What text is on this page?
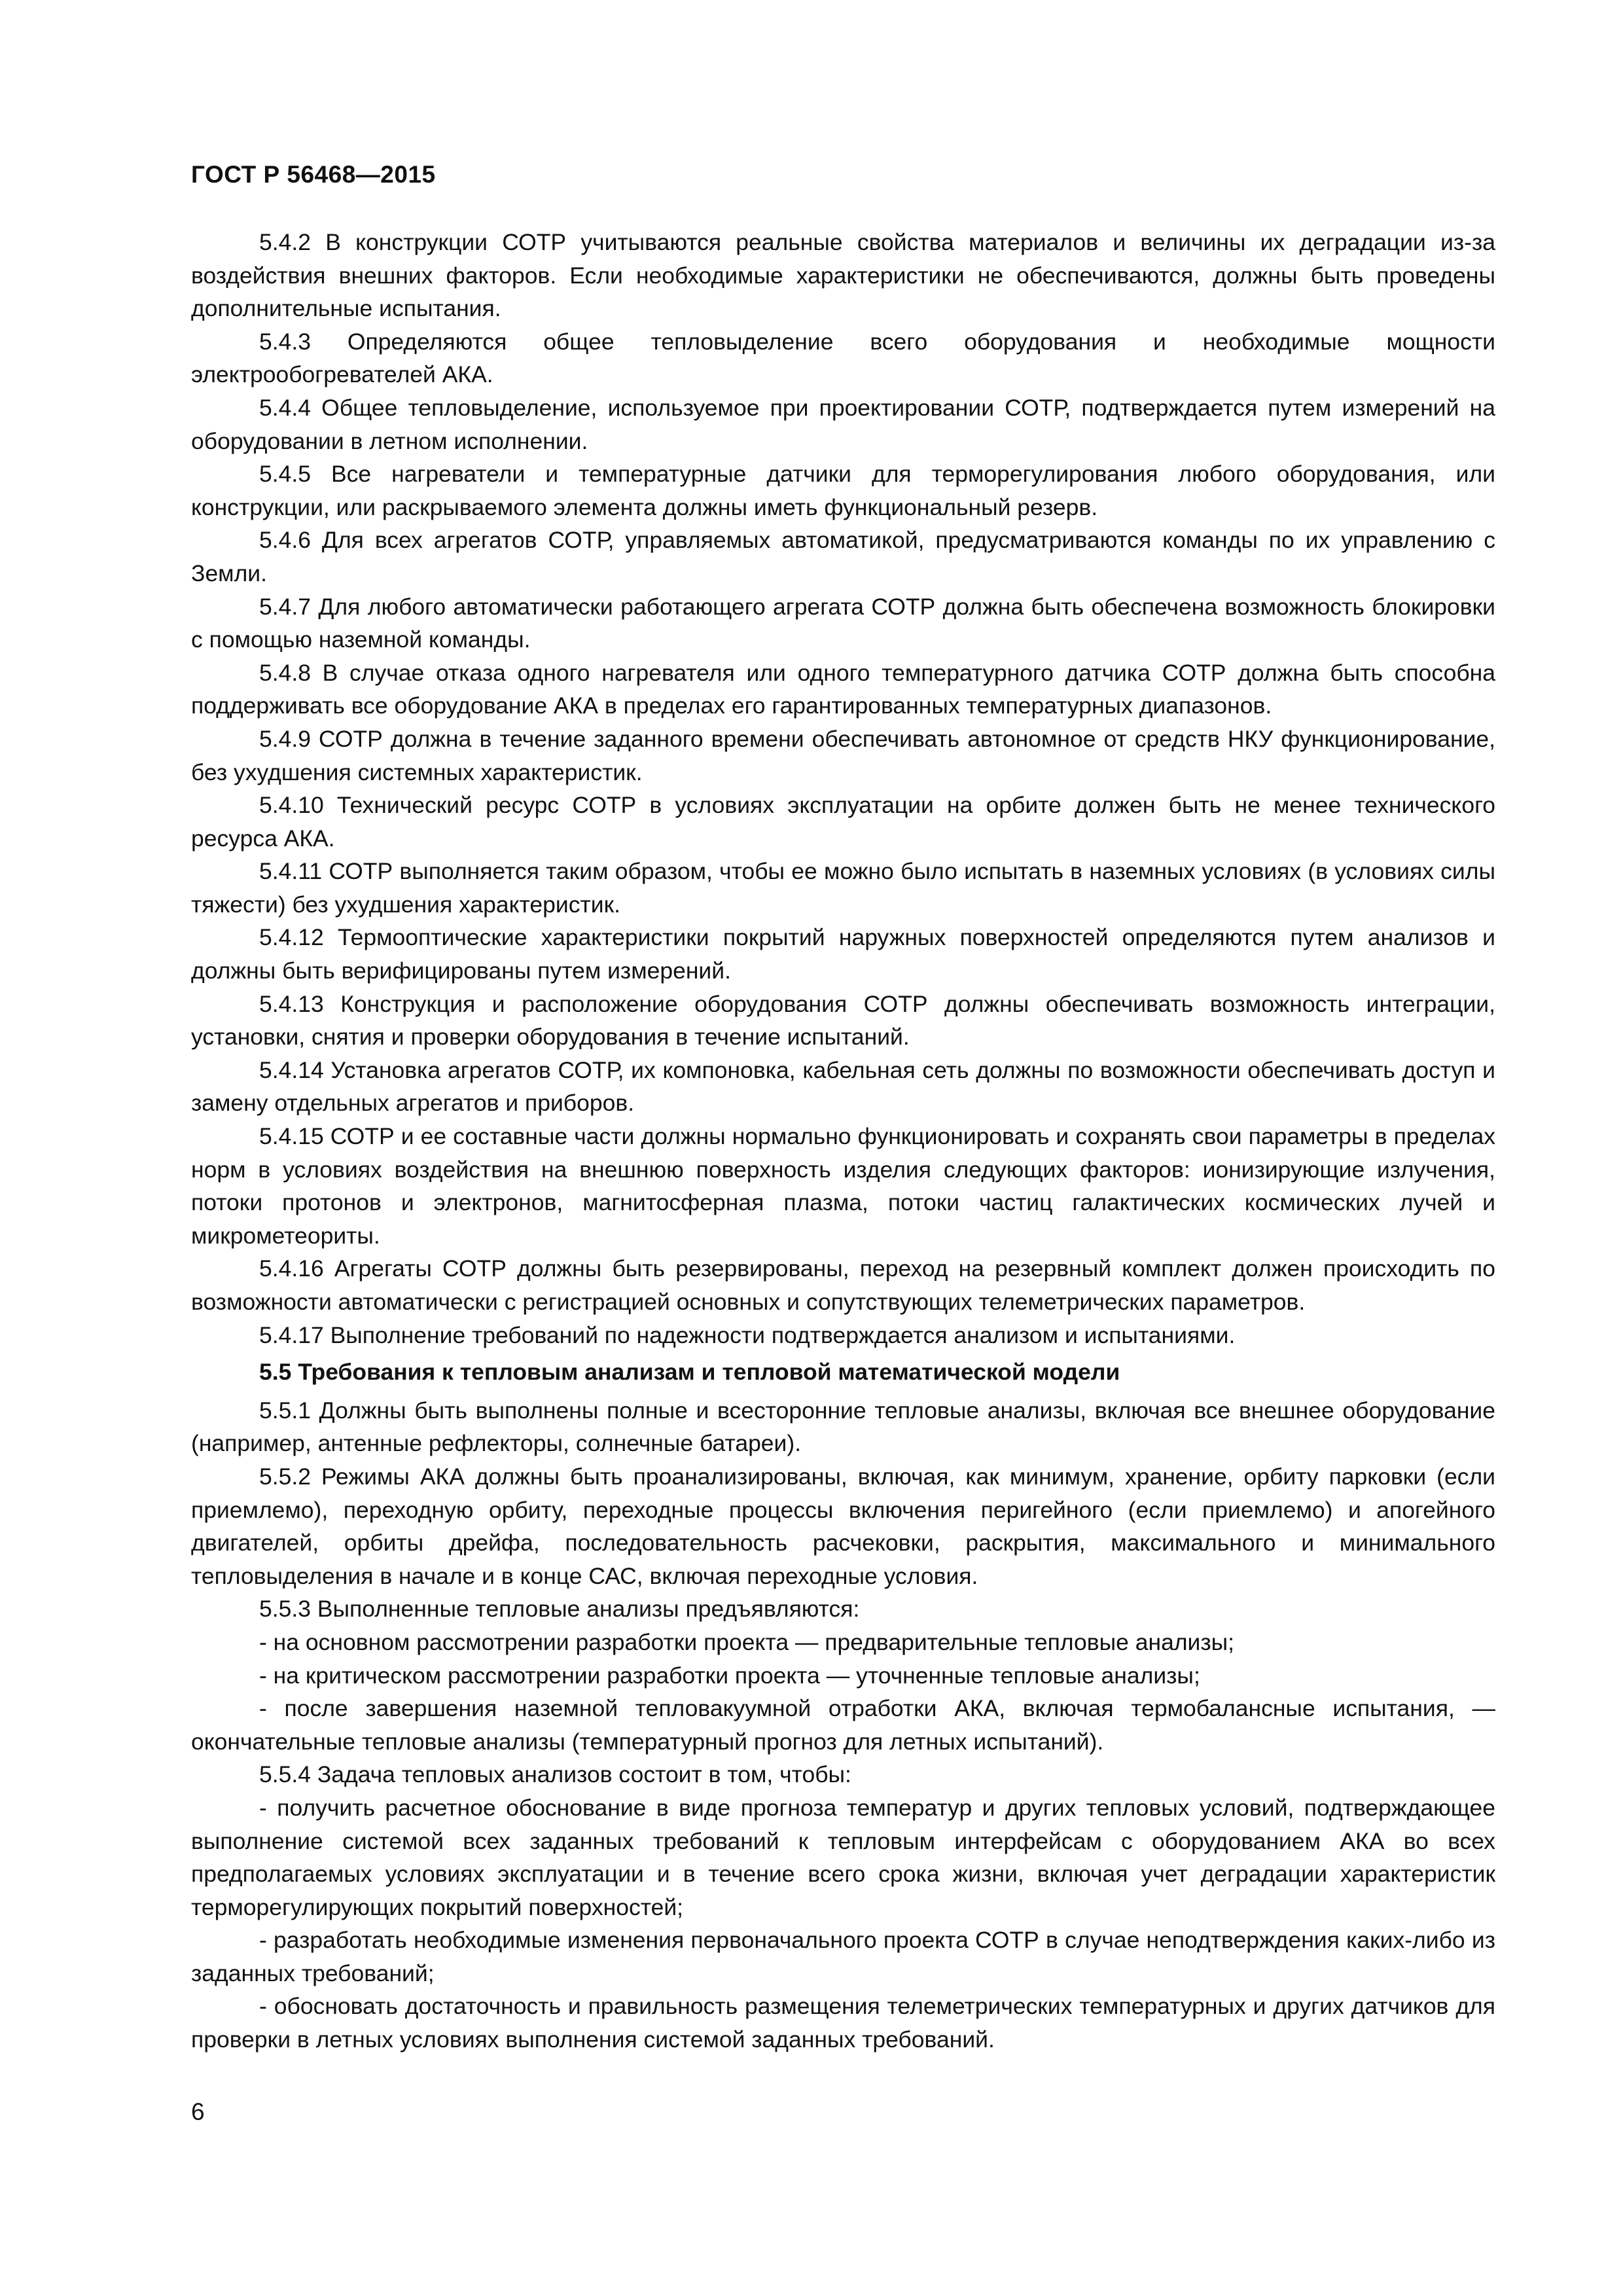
ГОСТ Р 56468—2015

5.4.2 В конструкции СОТР учитываются реальные свойства материалов и величины их деградации из-за воздействия внешних факторов. Если необходимые характеристики не обеспечиваются, должны быть проведены дополнительные испытания.

5.4.3 Определяются общее тепловыделение всего оборудования и необходимые мощности электрообогревателей АКА.

5.4.4 Общее тепловыделение, используемое при проектировании СОТР, подтверждается путем измерений на оборудовании в летном исполнении.

5.4.5 Все нагреватели и температурные датчики для терморегулирования любого оборудования, или конструкции, или раскрываемого элемента должны иметь функциональный резерв.

5.4.6 Для всех агрегатов СОТР, управляемых автоматикой, предусматриваются команды по их управлению с Земли.

5.4.7 Для любого автоматически работающего агрегата СОТР должна быть обеспечена возможность блокировки с помощью наземной команды.

5.4.8 В случае отказа одного нагревателя или одного температурного датчика СОТР должна быть способна поддерживать все оборудование АКА в пределах его гарантированных температурных диапазонов.

5.4.9 СОТР должна в течение заданного времени обеспечивать автономное от средств НКУ функционирование, без ухудшения системных характеристик.

5.4.10 Технический ресурс СОТР в условиях эксплуатации на орбите должен быть не менее технического ресурса АКА.

5.4.11 СОТР выполняется таким образом, чтобы ее можно было испытать в наземных условиях (в условиях силы тяжести) без ухудшения характеристик.

5.4.12 Термооптические характеристики покрытий наружных поверхностей определяются путем анализов и должны быть верифицированы путем измерений.

5.4.13 Конструкция и расположение оборудования СОТР должны обеспечивать возможность интеграции, установки, снятия и проверки оборудования в течение испытаний.

5.4.14 Установка агрегатов СОТР, их компоновка, кабельная сеть должны по возможности обеспечивать доступ и замену отдельных агрегатов и приборов.

5.4.15 СОТР и ее составные части должны нормально функционировать и сохранять свои параметры в пределах норм в условиях воздействия на внешнюю поверхность изделия следующих факторов: ионизирующие излучения, потоки протонов и электронов, магнитосферная плазма, потоки частиц галактических космических лучей и микрометеориты.

5.4.16 Агрегаты СОТР должны быть резервированы, переход на резервный комплект должен происходить по возможности автоматически с регистрацией основных и сопутствующих телеметрических параметров.

5.4.17 Выполнение требований по надежности подтверждается анализом и испытаниями.

5.5 Требования к тепловым анализам и тепловой математической модели

5.5.1 Должны быть выполнены полные и всесторонние тепловые анализы, включая все внешнее оборудование (например, антенные рефлекторы, солнечные батареи).

5.5.2 Режимы АКА должны быть проанализированы, включая, как минимум, хранение, орбиту парковки (если приемлемо), переходную орбиту, переходные процессы включения перигейного (если приемлемо) и апогейного двигателей, орбиты дрейфа, последовательность расчековки, раскрытия, максимального и минимального тепловыделения в начале и в конце САС, включая переходные условия.

5.5.3 Выполненные тепловые анализы предъявляются:

- на основном рассмотрении разработки проекта — предварительные тепловые анализы;

- на критическом рассмотрении разработки проекта — уточненные тепловые анализы;

- после завершения наземной тепловакуумной отработки АКА, включая термобалансные испытания, — окончательные тепловые анализы (температурный прогноз для летных испытаний).

5.5.4 Задача тепловых анализов состоит в том, чтобы:

- получить расчетное обоснование в виде прогноза температур и других тепловых условий, подтверждающее выполнение системой всех заданных требований к тепловым интерфейсам с оборудованием АКА во всех предполагаемых условиях эксплуатации и в течение всего срока жизни, включая учет деградации характеристик терморегулирующих покрытий поверхностей;

- разработать необходимые изменения первоначального проекта СОТР в случае неподтверждения каких-либо из заданных требований;

- обосновать достаточность и правильность размещения телеметрических температурных и других датчиков для проверки в летных условиях выполнения системой заданных требований.

6
